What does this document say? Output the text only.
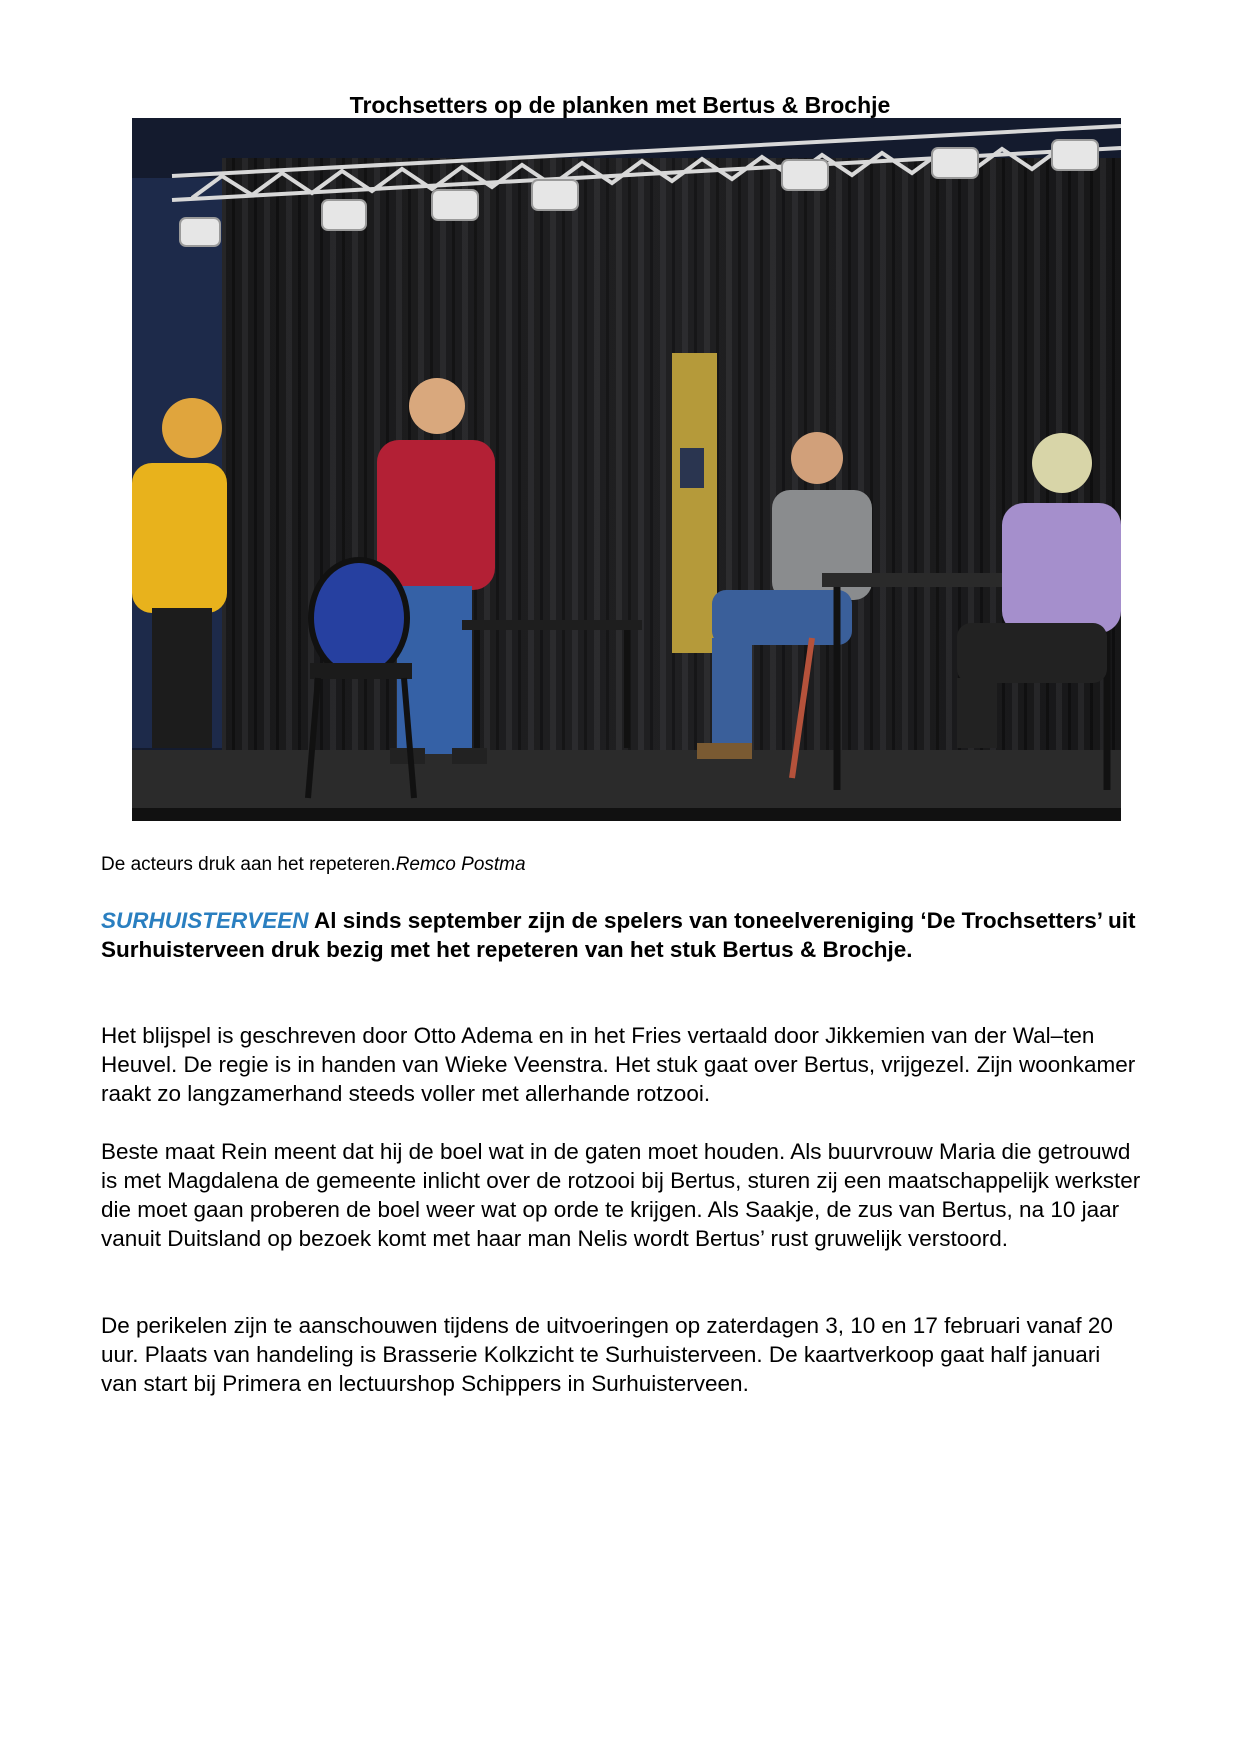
Trochsetters op de planken met Bertus & Brochje

De acteurs druk aan het repeteren.Remco Postma

SURHUISTERVEEN Al sinds september zijn de spelers van toneelvereniging ‘De Trochsetters’ uit Surhuisterveen druk bezig met het repeteren van het stuk Bertus & Brochje.

Het blijspel is geschreven door Otto Adema en in het Fries vertaald door Jikkemien van der Wal–ten Heuvel. De regie is in handen van Wieke Veenstra. Het stuk gaat over Bertus, vrijgezel. Zijn woonkamer raakt zo langzamerhand steeds voller met allerhande rotzooi.

Beste maat Rein meent dat hij de boel wat in de gaten moet houden. Als buurvrouw Maria die getrouwd is met Magdalena de gemeente inlicht over de rotzooi bij Bertus, sturen zij een maatschappelijk werkster die moet gaan proberen de boel weer wat op orde te krijgen. Als Saakje, de zus van Bertus, na 10 jaar vanuit Duitsland op bezoek komt met haar man Nelis wordt Bertus’ rust gruwelijk verstoord.

De perikelen zijn te aanschouwen tijdens de uitvoeringen op zaterdagen 3, 10 en 17 februari vanaf 20 uur. Plaats van handeling is Brasserie Kolkzicht te Surhuisterveen. De kaartverkoop gaat half januari van start bij Primera en lectuurshop Schippers in Surhuisterveen.
